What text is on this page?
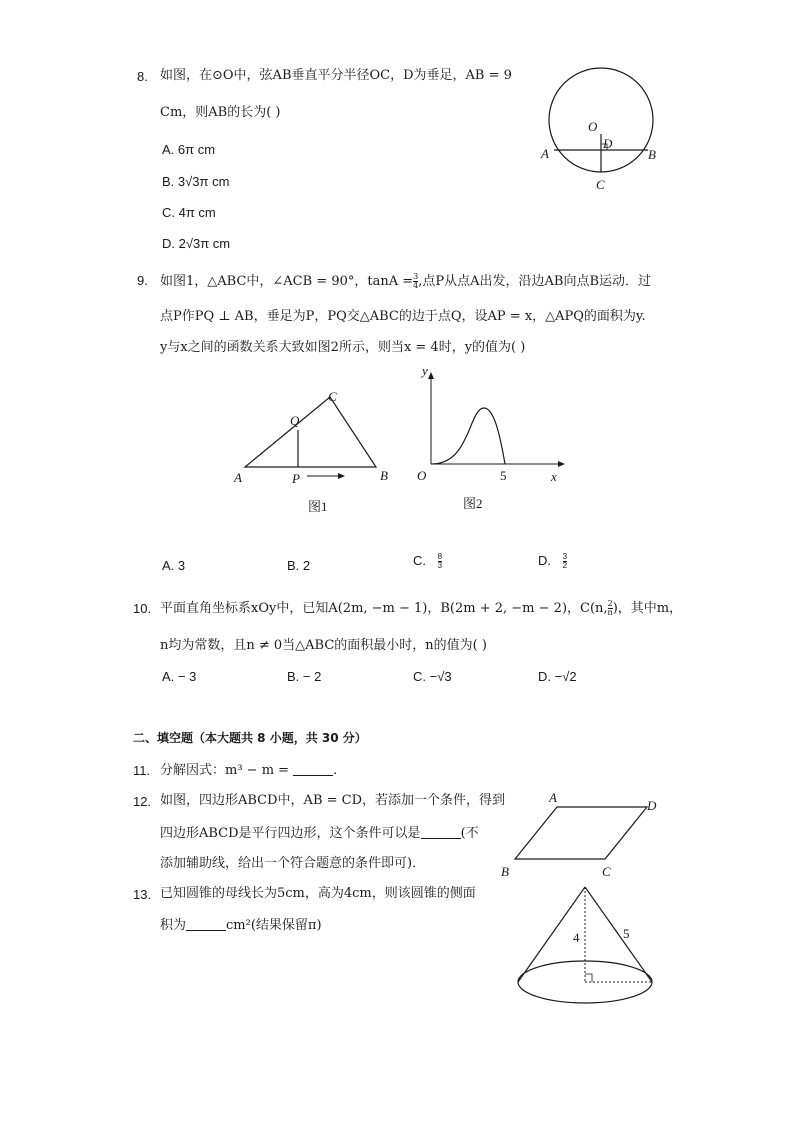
8. 如图，在⊙O中，弦AB垂直平分半径OC，D为垂足，AB = 9
Cm，则AB的长为( )
A. 6π cm
B. 3√3π cm
C. 4π cm
D. 2√3π cm
O
D
A	B
C
9. 如图1，△ABC中，∠ACB = 90°，$\tan A = \frac{3}{4}$ ,点P从点A出发，沿边AB向点B运动．过
点P作PQ ⊥ AB，垂足为P，PQ交△ABC的边于点Q，设AP = x，△APQ的面积为y.
y与x之间的函数关系大致如图2所示，则当x = 4时，y的值为( )
A	B
C
P
Q
图1
y
x
O	5
图2
A. 3	B. 2	C. $\frac{8}{3}$	D. $\frac{3}{2}$
10. 平面直角坐标系xOy中，已知A(2m, −m − 1)，B(2m + 2, −m − 2)，C(n, $\frac{2}{n}$ )，其中m，
n均为常数，且n ≠ 0当△ABC的面积最小时，n的值为( )
A. − 3	B. − 2	C. −√3	D. −√2
二、填空题（本大题共 8 小题，共 30 分）
11. 分解因式：m³ − m =	.
12. 如图，四边形ABCD中，AB = CD，若添加一个条件，得到
四边形ABCD是平行四边形，这个条件可以是	(不
添加辅助线，给出一个符合题意的条件即可)．
A
D
B	C
13. 已知圆锥的母线长为5cm，高为4cm，则该圆锥的侧面
积为	cm²(结果保留π)
4	5
